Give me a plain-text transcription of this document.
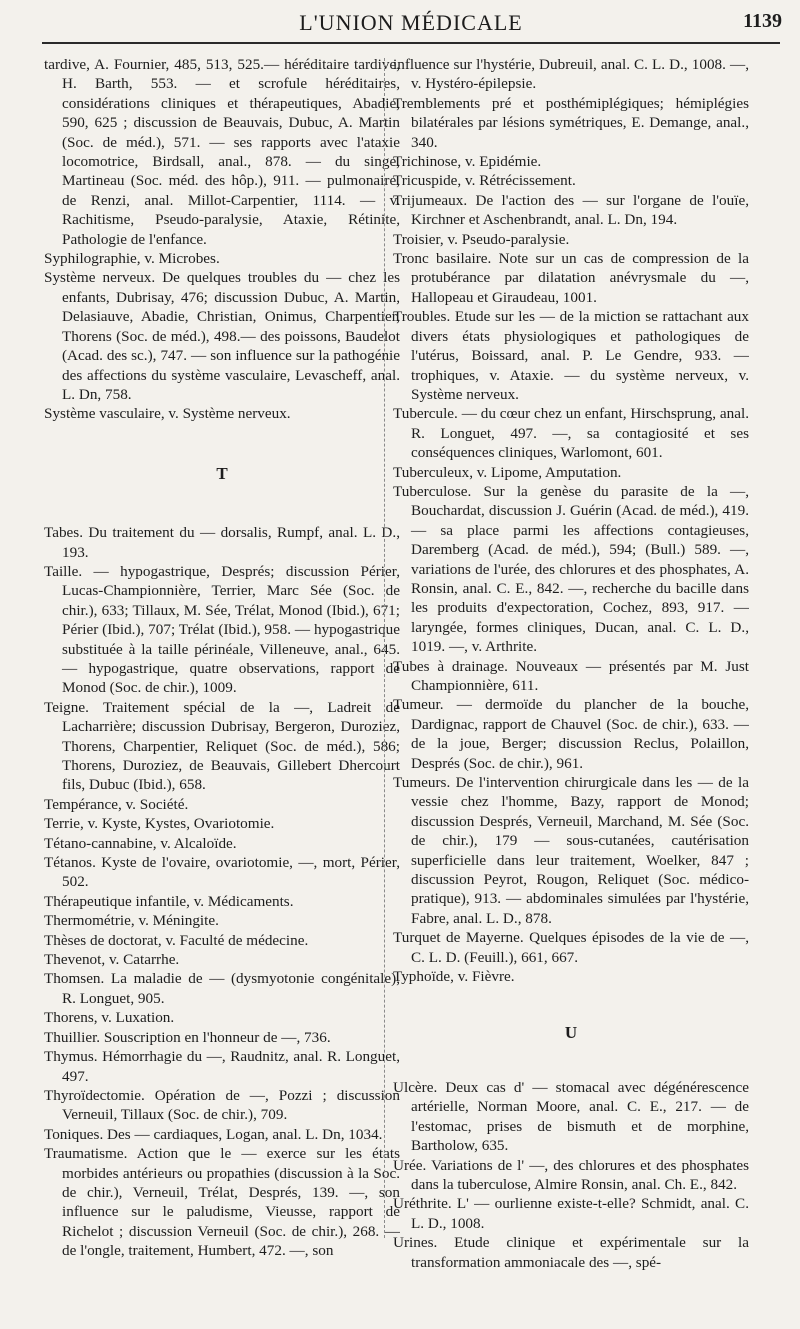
L'UNION MÉDICALE	1139

tardive, A. Fournier, 485, 513, 525.— héréditaire tardive, H. Barth, 553. — et scrofule héréditaires, considérations cliniques et thérapeutiques, Abadie, 590, 625 ; discussion de Beauvais, Dubuc, A. Martin (Soc. de méd.), 571. — ses rapports avec l'ataxie locomotrice, Birdsall, anal., 878. — du singe, Martineau (Soc. méd. des hôp.), 911. — pulmonaire, de Renzi, anal. Millot-Carpentier, 1114. — v. Rachitisme, Pseudo-paralysie, Ataxie, Rétinite, Pathologie de l'enfance.

Syphilographie, v. Microbes.

Système nerveux. De quelques troubles du — chez les enfants, Dubrisay, 476; discussion Dubuc, A. Martin, Delasiauve, Abadie, Christian, Onimus, Charpentier, Thorens (Soc. de méd.), 498.— des poissons, Baudelot (Acad. des sc.), 747. — son influence sur la pathogénie des affections du système vasculaire, Levascheff, anal. L. Dn, 758.

Système vasculaire, v. Système nerveux.

T

Tabes. Du traitement du — dorsalis, Rumpf, anal. L. D., 193.

Taille. — hypogastrique, Després; discussion Périer, Lucas-Championnière, Terrier, Marc Sée (Soc. de chir.), 633; Tillaux, M. Sée, Trélat, Monod (Ibid.), 671; Périer (Ibid.), 707; Trélat (Ibid.), 958. — hypogastrique substituée à la taille périnéale, Villeneuve, anal., 645. — hypogastrique, quatre observations, rapport de Monod (Soc. de chir.), 1009.

Teigne. Traitement spécial de la —, Ladreit de Lacharrière; discussion Dubrisay, Bergeron, Duroziez, Thorens, Charpentier, Reliquet (Soc. de méd.), 586; Thorens, Duroziez, de Beauvais, Gillebert Dhercourt fils, Dubuc (Ibid.), 658.

Tempérance, v. Société.

Terrie, v. Kyste, Kystes, Ovariotomie.

Tétano-cannabine, v. Alcaloïde.

Tétanos. Kyste de l'ovaire, ovariotomie, —, mort, Périer, 502.

Thérapeutique infantile, v. Médicaments.

Thermométrie, v. Méningite.

Thèses de doctorat, v. Faculté de médecine.

Thevenot, v. Catarrhe.

Thomsen. La maladie de — (dysmyotonie congénitale), R. Longuet, 905.

Thorens, v. Luxation.

Thuillier. Souscription en l'honneur de —, 736.

Thymus. Hémorrhagie du —, Raudnitz, anal. R. Longuet, 497.

Thyroïdectomie. Opération de —, Pozzi ; discussion Verneuil, Tillaux (Soc. de chir.), 709.

Toniques. Des — cardiaques, Logan, anal. L. Dn, 1034.

Traumatisme. Action que le — exerce sur les états morbides antérieurs ou propathies (discussion à la Soc. de chir.), Verneuil, Trélat, Després, 139. —, son influence sur le paludisme, Vieusse, rapport de Richelot ; discussion Verneuil (Soc. de chir.), 268. — de l'ongle, traitement, Humbert, 472. —, son

influence sur l'hystérie, Dubreuil, anal. C. L. D., 1008. —, v. Hystéro-épilepsie.

Tremblements pré et posthémiplégiques; hémiplégies bilatérales par lésions symétriques, E. Demange, anal., 340.

Trichinose, v. Epidémie.

Tricuspide, v. Rétrécissement.

Trijumeaux. De l'action des — sur l'organe de l'ouïe, Kirchner et Aschenbrandt, anal. L. Dn, 194.

Troisier, v. Pseudo-paralysie.

Tronc basilaire. Note sur un cas de compression de la protubérance par dilatation anévrysmale du —, Hallopeau et Giraudeau, 1001.

Troubles. Etude sur les — de la miction se rattachant aux divers états physiologiques et pathologiques de l'utérus, Boissard, anal. P. Le Gendre, 933. — trophiques, v. Ataxie. — du système nerveux, v. Système nerveux.

Tubercule. — du cœur chez un enfant, Hirschsprung, anal. R. Longuet, 497. —, sa contagiosité et ses conséquences cliniques, Warlomont, 601.

Tuberculeux, v. Lipome, Amputation.

Tuberculose. Sur la genèse du parasite de la —, Bouchardat, discussion J. Guérin (Acad. de méd.), 419. — sa place parmi les affections contagieuses, Daremberg (Acad. de méd.), 594; (Bull.) 589. —, variations de l'urée, des chlorures et des phosphates, A. Ronsin, anal. C. E., 842. —, recherche du bacille dans les produits d'expectoration, Cochez, 893, 917. — laryngée, formes cliniques, Ducan, anal. C. L. D., 1019. —, v. Arthrite.

Tubes à drainage. Nouveaux — présentés par M. Just Championnière, 611.

Tumeur. — dermoïde du plancher de la bouche, Dardignac, rapport de Chauvel (Soc. de chir.), 633. — de la joue, Berger; discussion Reclus, Polaillon, Després (Soc. de chir.), 961.

Tumeurs. De l'intervention chirurgicale dans les — de la vessie chez l'homme, Bazy, rapport de Monod; discussion Després, Verneuil, Marchand, M. Sée (Soc. de chir.), 179 — sous-cutanées, cautérisation superficielle dans leur traitement, Woelker, 847 ; discussion Peyrot, Rougon, Reliquet (Soc. médico-pratique), 913. — abdominales simulées par l'hystérie, Fabre, anal. L. D., 878.

Turquet de Mayerne. Quelques épisodes de la vie de —, C. L. D. (Feuill.), 661, 667.

Typhoïde, v. Fièvre.

U

Ulcère. Deux cas d' — stomacal avec dégénérescence artérielle, Norman Moore, anal. C. E., 217. — de l'estomac, prises de bismuth et de morphine, Bartholow, 635.

Urée. Variations de l' —, des chlorures et des phosphates dans la tuberculose, Almire Ronsin, anal. Ch. E., 842.

Uréthrite. L' — ourlienne existe-t-elle? Schmidt, anal. C. L. D., 1008.

Urines. Etude clinique et expérimentale sur la transformation ammoniacale des —, spé-
